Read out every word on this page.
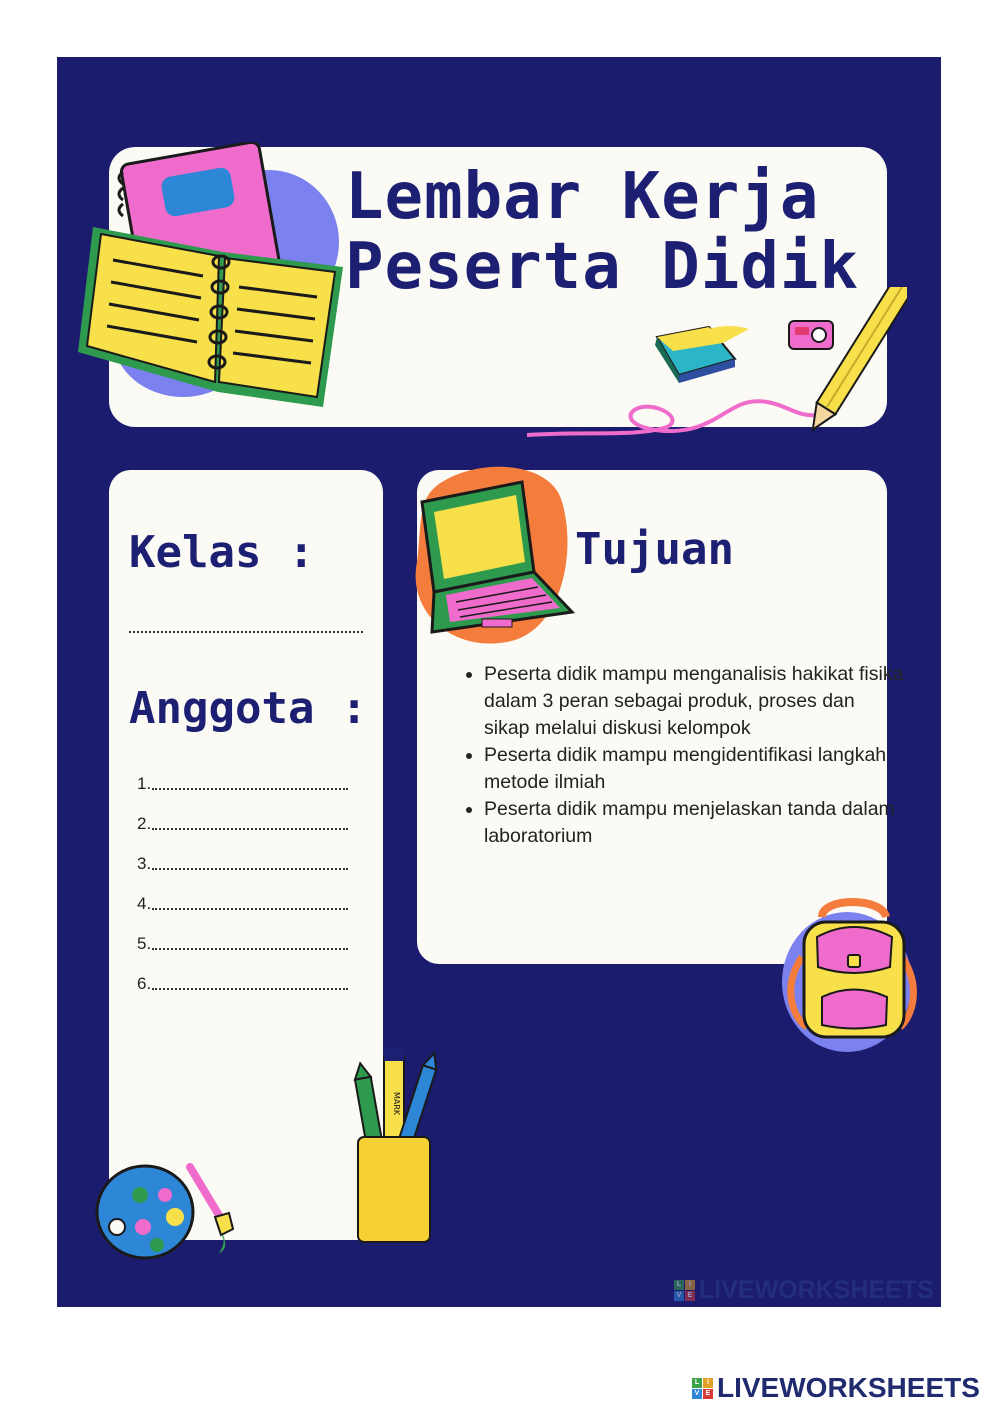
Lembar Kerja
Peserta Didik
Kelas :
Anggota :
1.
2.
3.
4.
5.
6.
Tujuan
• Peserta didik mampu menganalisis hakikat fisika dalam 3 peran sebagai produk, proses dan sikap melalui diskusi kelompok
• Peserta didik mampu mengidentifikasi langkah metode ilmiah
• Peserta didik mampu menjelaskan tanda dalam laboratorium
MARK
L	I
V E LIVEWORKSHEETS
L	I
V E LIVEWORKSHEETS
